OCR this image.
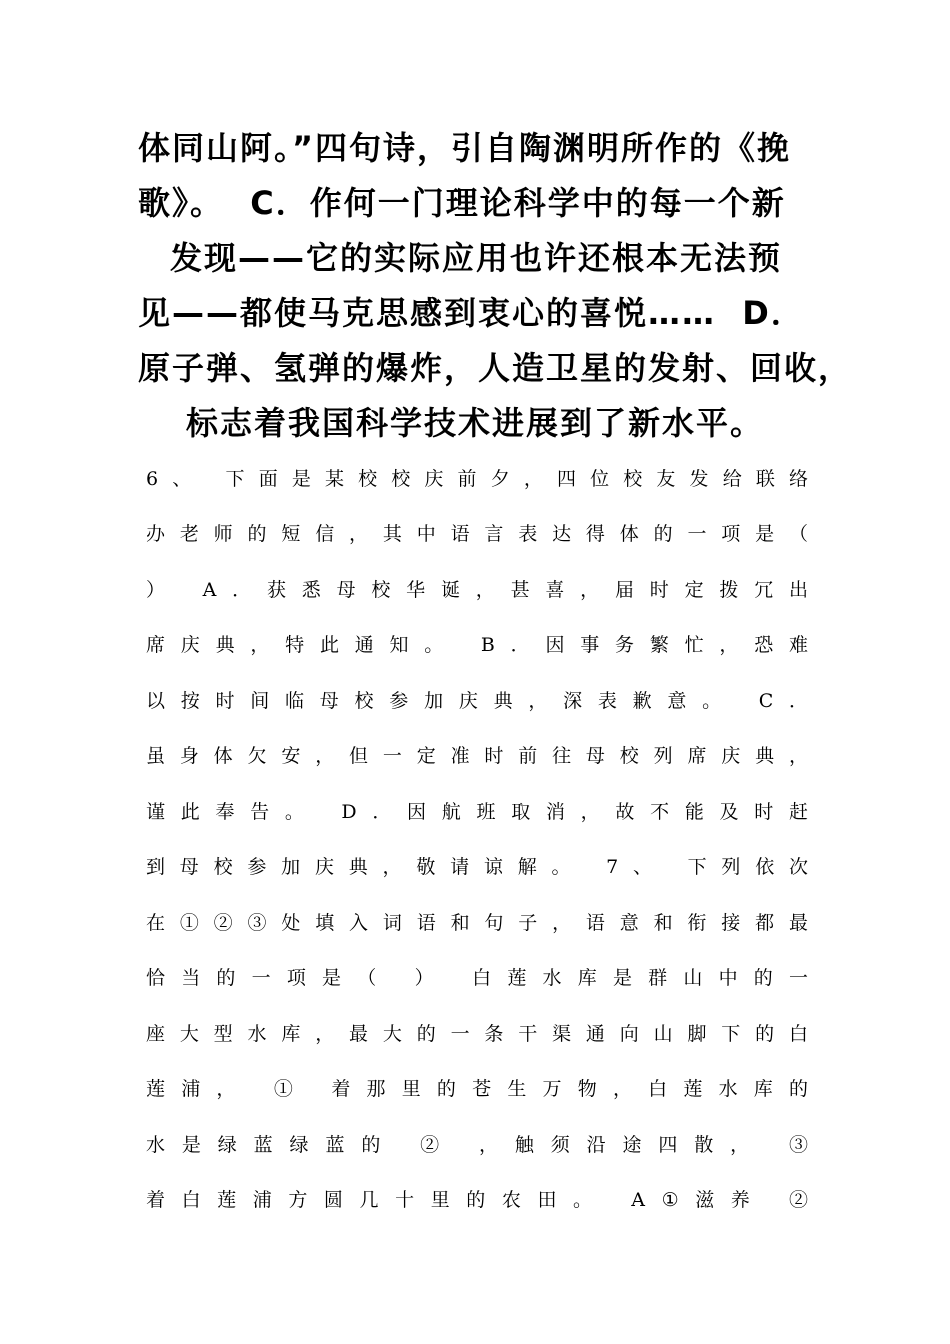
体同山阿。”四句诗，引自陶渊明所作的《挽
歌》。  C．作何一门理论科学中的每一个新
发现——它的实际应用也许还根本无法预
见——都使马克思感到衷心的喜悦……  D．
原子弹、氢弹的爆炸，人造卫星的发射、回收，
标志着我国科学技术进展到了新水平。
6、 下面是某校校庆前夕，四位校友发给联络
办老师的短信，其中语言表达得体的一项是（
） A．获悉母校华诞，甚喜，届时定拨冗出
席庆典，特此通知。 B．因事务繁忙，恐难
以按时间临母校参加庆典，深表歉意。 C．
虽身体欠安，但一定准时前往母校列席庆典，
谨此奉告。 D．因航班取消，故不能及时赶
到母校参加庆典，敬请谅解。 7、 下列依次
在①②③处填入词语和句子，语意和衔接都最
恰当的一项是（ ） 白莲水库是群山中的一
座大型水库，最大的一条干渠通向山脚下的白
莲浦， ① 着那里的苍生万物，白莲水库的
水是绿蓝绿蓝的 ② ，触须沿途四散， ③
着白莲浦方圆几十里的农田。 A①滋养 ②
